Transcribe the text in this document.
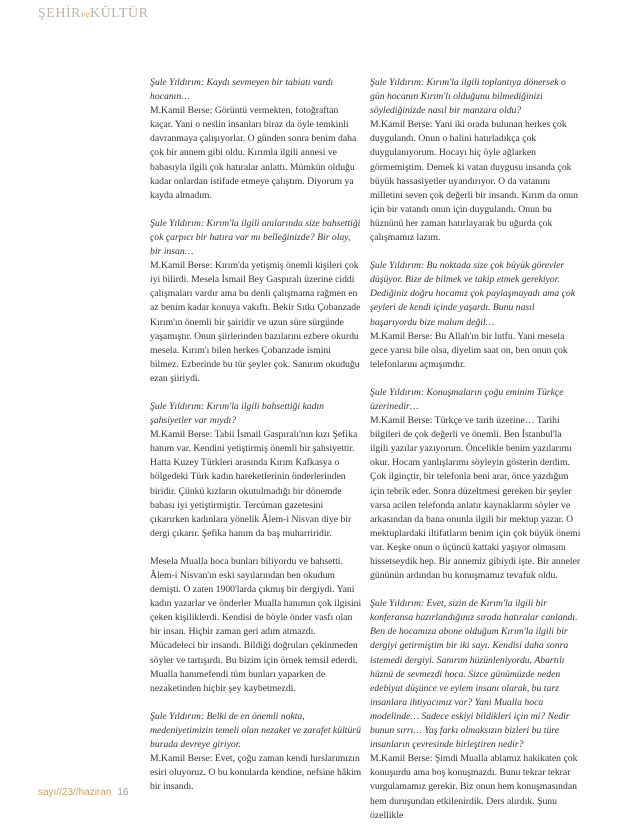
ŞEHİRveKÜLTÜR

Şule Yıldırım: Kaydı sevmeyen bir tabiatı vardı hocanın…
M.Kamil Berse: Görüntü vermekten, fotoğraftan kaçar. Yani o neslin insanları biraz da öyle temkinli davranmaya çalışıyorlar. O günden sonra benim daha çok bir annem gibi oldu. Kırımla ilgili annesi ve babasıyla ilgili çok hatıralar anlattı. Mümkün olduğu kadar onlardan istifade etmeye çalıştım. Diyorum ya kayda almadım.

Şule Yıldırım: Kırım'la ilgili anılarında size bahsettiği çok çarpıcı bir hatıra var mı belleğinizde? Bir olay, bir insan…
M.Kamil Berse: Kırım'da yetişmiş önemli kişileri çok iyi bilirdi. Mesela İsmail Bey Gaspıralı üzerine ciddi çalışmaları vardır ama bu denli çalışmama rağmen en az benim kadar konuya vakıftı. Bekir Sıtkı Çobanzade Kırım'ın önemli bir şairidir ve uzun süre sürgünde yaşamıştır. Onun şiirlerinden bazılarını ezbere okurdu mesela. Kırım'ı bilen herkes Çobanzade ismini bilmez. Ezberinde bu tür şeyler çok. Sanırım okuduğu ezan şiiriydi.

Şule Yıldırım: Kırım'la ilgili bahsettiği kadın şahsiyetler var mıydı?
M.Kamil Berse: Tabii İsmail Gaspıralı'nın kızı Şefika hanım var. Kendini yetiştirmiş önemli bir şahsiyettir. Hatta Kuzey Türkleri arasında Kırım Kafkasya o bölgedeki Türk kadın hareketlerinin önderlerinden biridir. Çünkü kızların okutulmadığı bir dönemde babası iyi yetiştirmiştir. Tercüman gazetesini çıkarırken kadınlara yönelik Âlem-i Nisvan diye bir dergi çıkarır. Şefika hanım da baş muharriridir.

Mesela Mualla hoca bunları biliyordu ve bahsetti. Âlem-i Nisvan'ın eski sayılarından ben okudum demişti. O zaten 1900'larda çıkmış bir dergiydi. Yani kadın yazarlar ve önderler Mualla hanımın çok ilgisini çeken kişiliklerdi. Kendisi de böyle önder vasfı olan bir insan. Hiçbir zaman geri adım atmazdı. Mücadeleci bir insandı. Bildiği doğruları çekinmeden söyler ve tartışırdı. Bu bizim için örnek temsil ederdi. Mualla hanımefendi tüm bunları yaparken de nezaketinden hiçbir şey kaybetmezdi.

Şule Yıldırım: Belki de en önemli nokta, medeniyetimizin temeli olan nezaket ve zarafet kültürü burada devreye giriyor.
M.Kamil Berse: Evet, çoğu zaman kendi hırslarımızın esiri oluyoruz. O bu konularda kendine, nefsine hâkim bir insandı.

Şule Yıldırım: Kırım'la ilgili toplantıya dönersek o gün hocanın Kırım'lı olduğunu bilmediğinizi söylediğinizde nasıl bir manzara oldu?
M.Kamil Berse: Yani iki orada bulunan herkes çok duygulandı. Onun o halini hatırladıkça çok duygulanıyorum. Hocayı hiç öyle ağlarken görmemiştim. Demek ki vatan duygusu insanda çok büyük hassasiyetler uyandırıyor. O da vatanını milletini seven çok değerli bir insandı. Kırım da onun için bir vatandı onun için duygulandı. Onun bu hüznünü her zaman hatırlayarak bu uğurda çok çalışmamız lazım.

Şule Yıldırım: Bu noktada size çok büyük görevler düşüyor. Bize de bilmek ve takip etmek gerekiyor. Dediğiniz doğru hocamız çok paylaşmayadı ama çok şeyleri de kendi içinde yaşardı. Bunu nasıl başarıyordu bize malum değil…
M.Kamil Berse: Bu Allah'ın bir lutfu. Yani mesela gece yarısı bile olsa, diyelim saat on, ben onun çok telefonlarını açmışımdır.

Şule Yıldırım: Konuşmaların çoğu eminim Türkçe üzerinedir…
M.Kamil Berse: Türkçe ve tarih üzerine… Tarihi bilgileri de çok değerli ve önemli. Ben İstanbul'la ilgili yazılar yazıyorum. Öncelikle benim yazılarımı okur. Hocam yanlışlarımı söyleyin gösterin derdim. Çok ilginçtir, bir telefonla beni arar, önce yazdığım için tebrik eder. Sonra düzeltmesi gereken bir şeyler varsa acilen telefonda anlatır kaynaklarını söyler ve arkasından da bana onunla ilgili bir mektup yazar. O mektuplardaki iltifatların benim için çok büyük önemi var. Keşke onun o üçüncü kattaki yaşıyor olmasını hissetseydik hep. Bir annemiz gibiydi işte. Bir anneler gününün ardından bu konuşmamız tevafuk oldu.

Şule Yıldırım: Evet, sizin de Kırım'la ilgili bir konferansa hazırlandığınız sırada hatıralar canlandı. Ben de hocamıza abone olduğum Kırım'la ilgili bir dergiyi getirmiştim bir iki sayı. Kendisi daha sonra istemedi dergiyi. Sanırım hüzünleniyordu. Abartılı hüznü de sevmezdi hoca. Sizce günümüzde neden edebiyat düşünce ve eylem insanı olarak, bu tarz insanlara ihtiyacımız var? Yani Mualla hoca modelinde… Sadece eskiyi bildikleri için mi? Nedir bunun sırrı… Yaş farkı olmaksızın bizleri bu türe insanların çevresinde birleştiren nedir?
M.Kamil Berse: Şimdi Mualla ablamız hakikaten çok konuşurdu ama boş konuşmazdı. Bunu tekrar tekrar vurgulamamız gerekir. Biz onun hem konuşmasından hem duruşundan etkilenirdik. Ders alırdık. Şunu özellikle

sayı//23//haziran 16
